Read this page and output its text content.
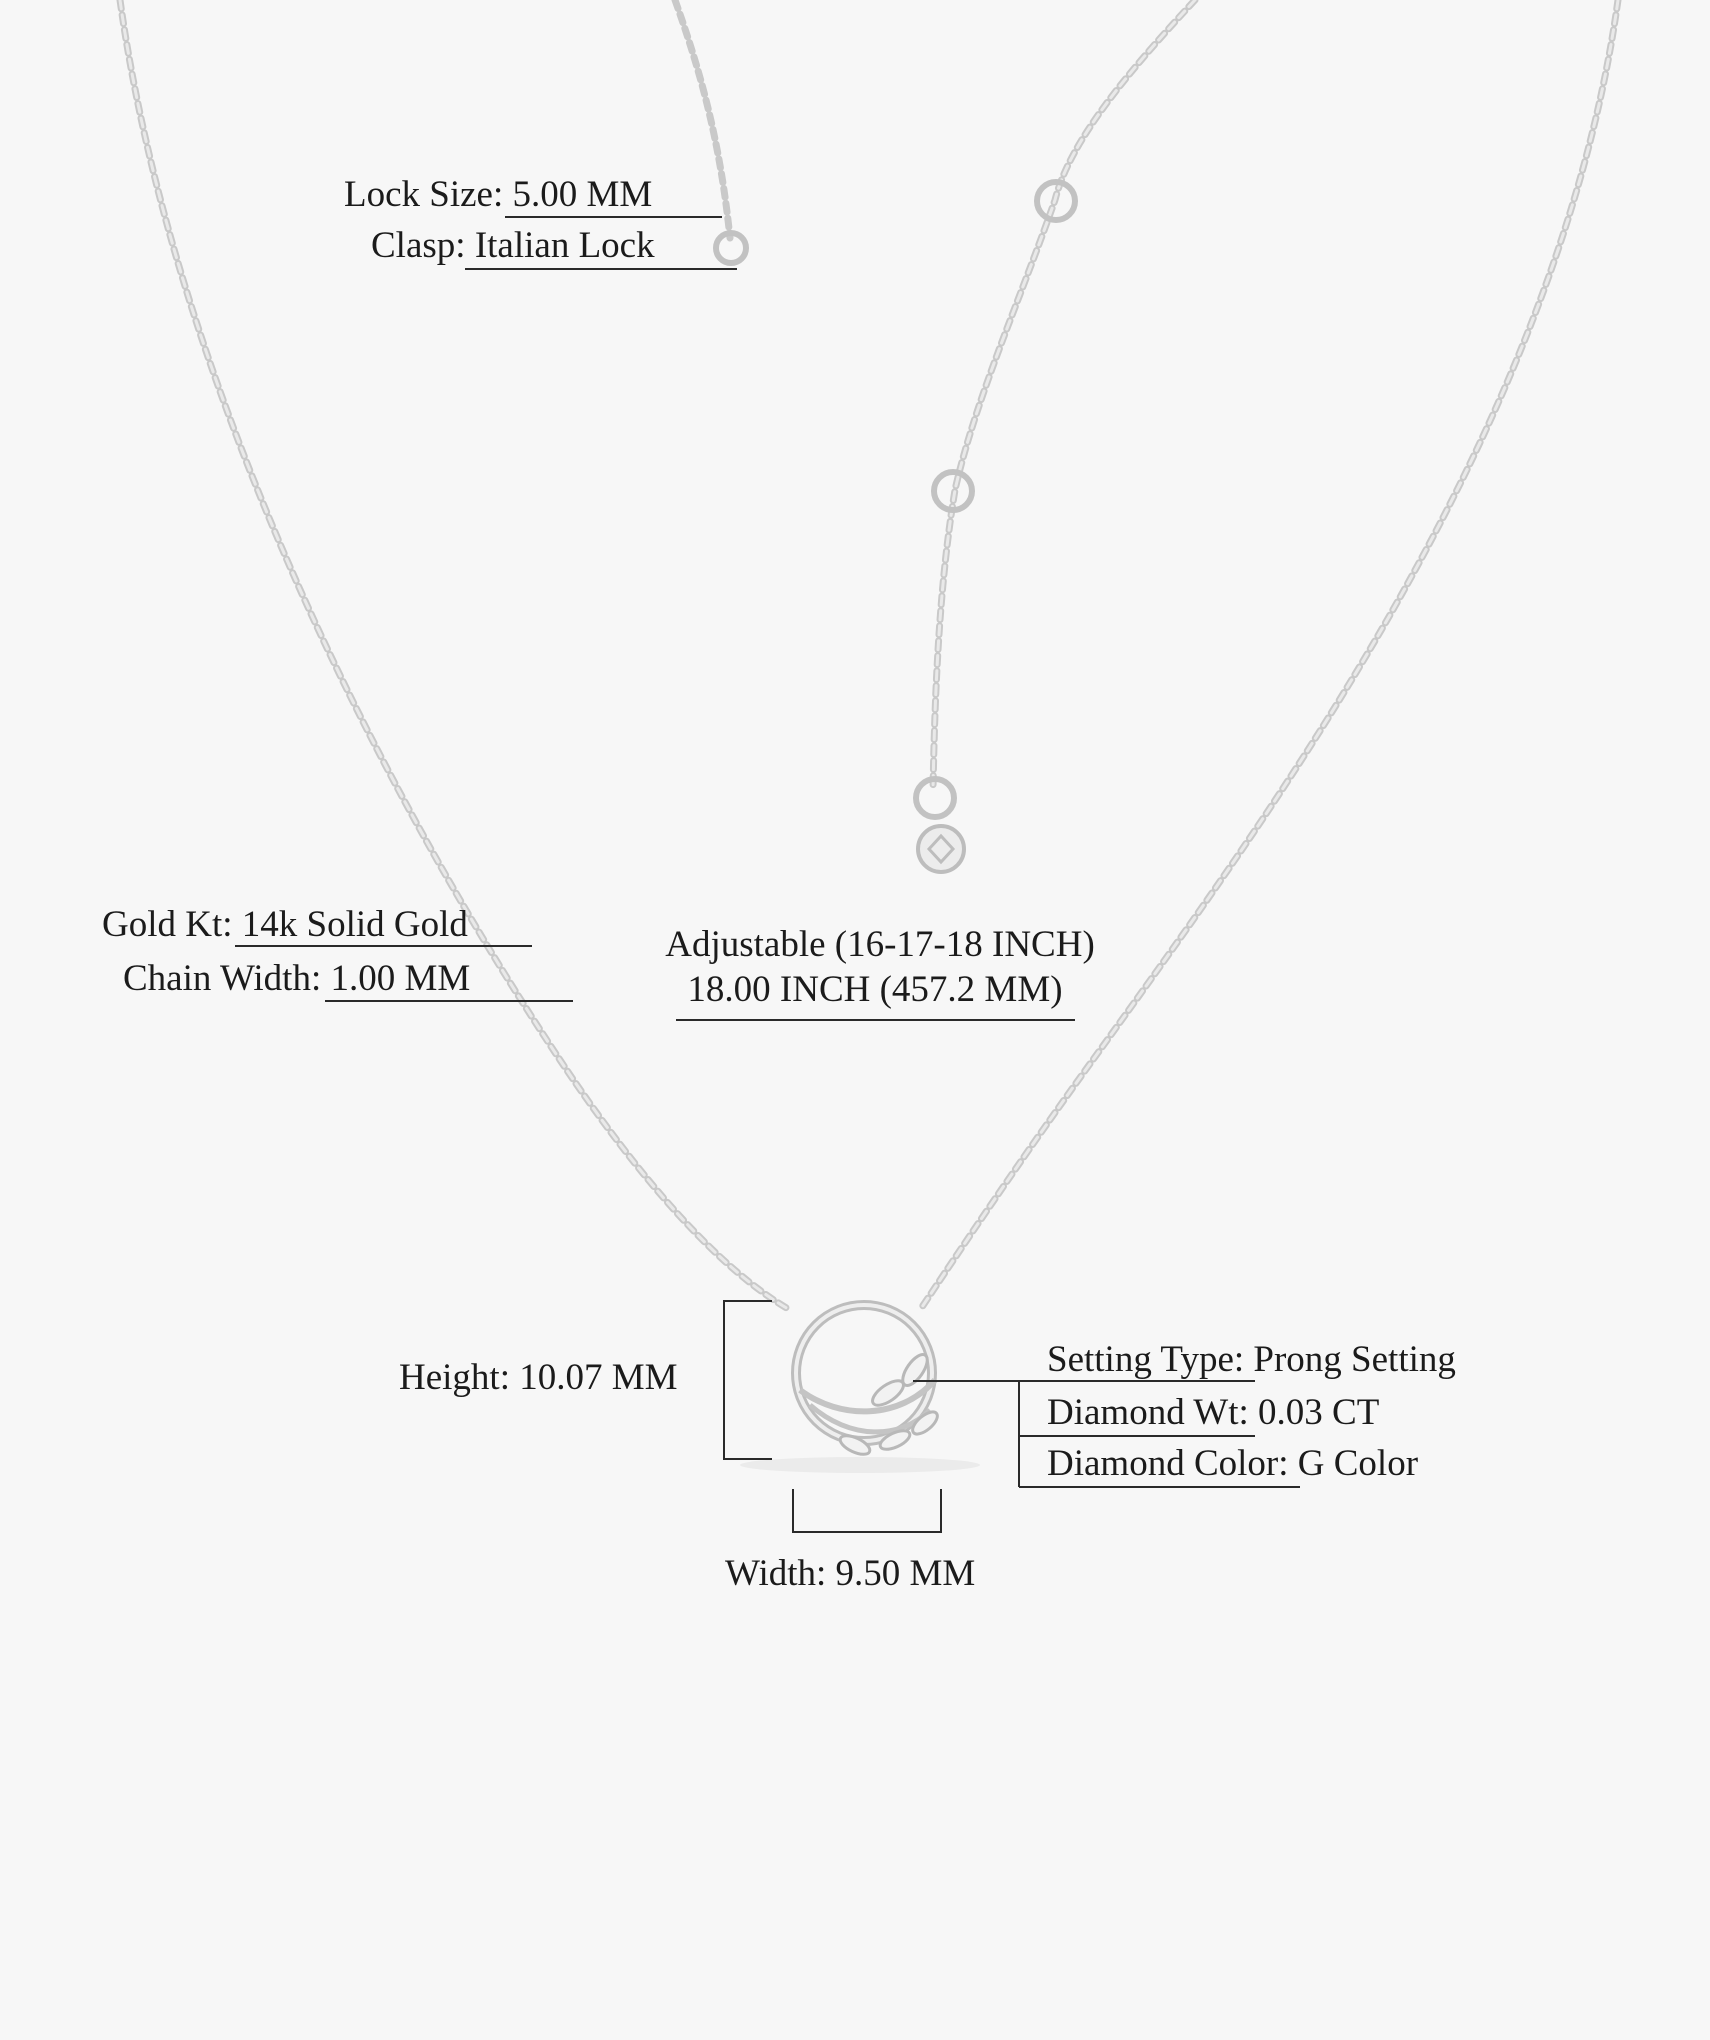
Lock Size: 5.00 MM
Clasp: Italian Lock
Gold Kt: 14k Solid Gold
Chain Width: 1.00 MM
Adjustable (16-17-18 INCH)
18.00 INCH (457.2 MM)
Height: 10.07 MM
Width: 9.50 MM
Setting Type: Prong Setting
Diamond Wt: 0.03 CT
Diamond Color: G Color
